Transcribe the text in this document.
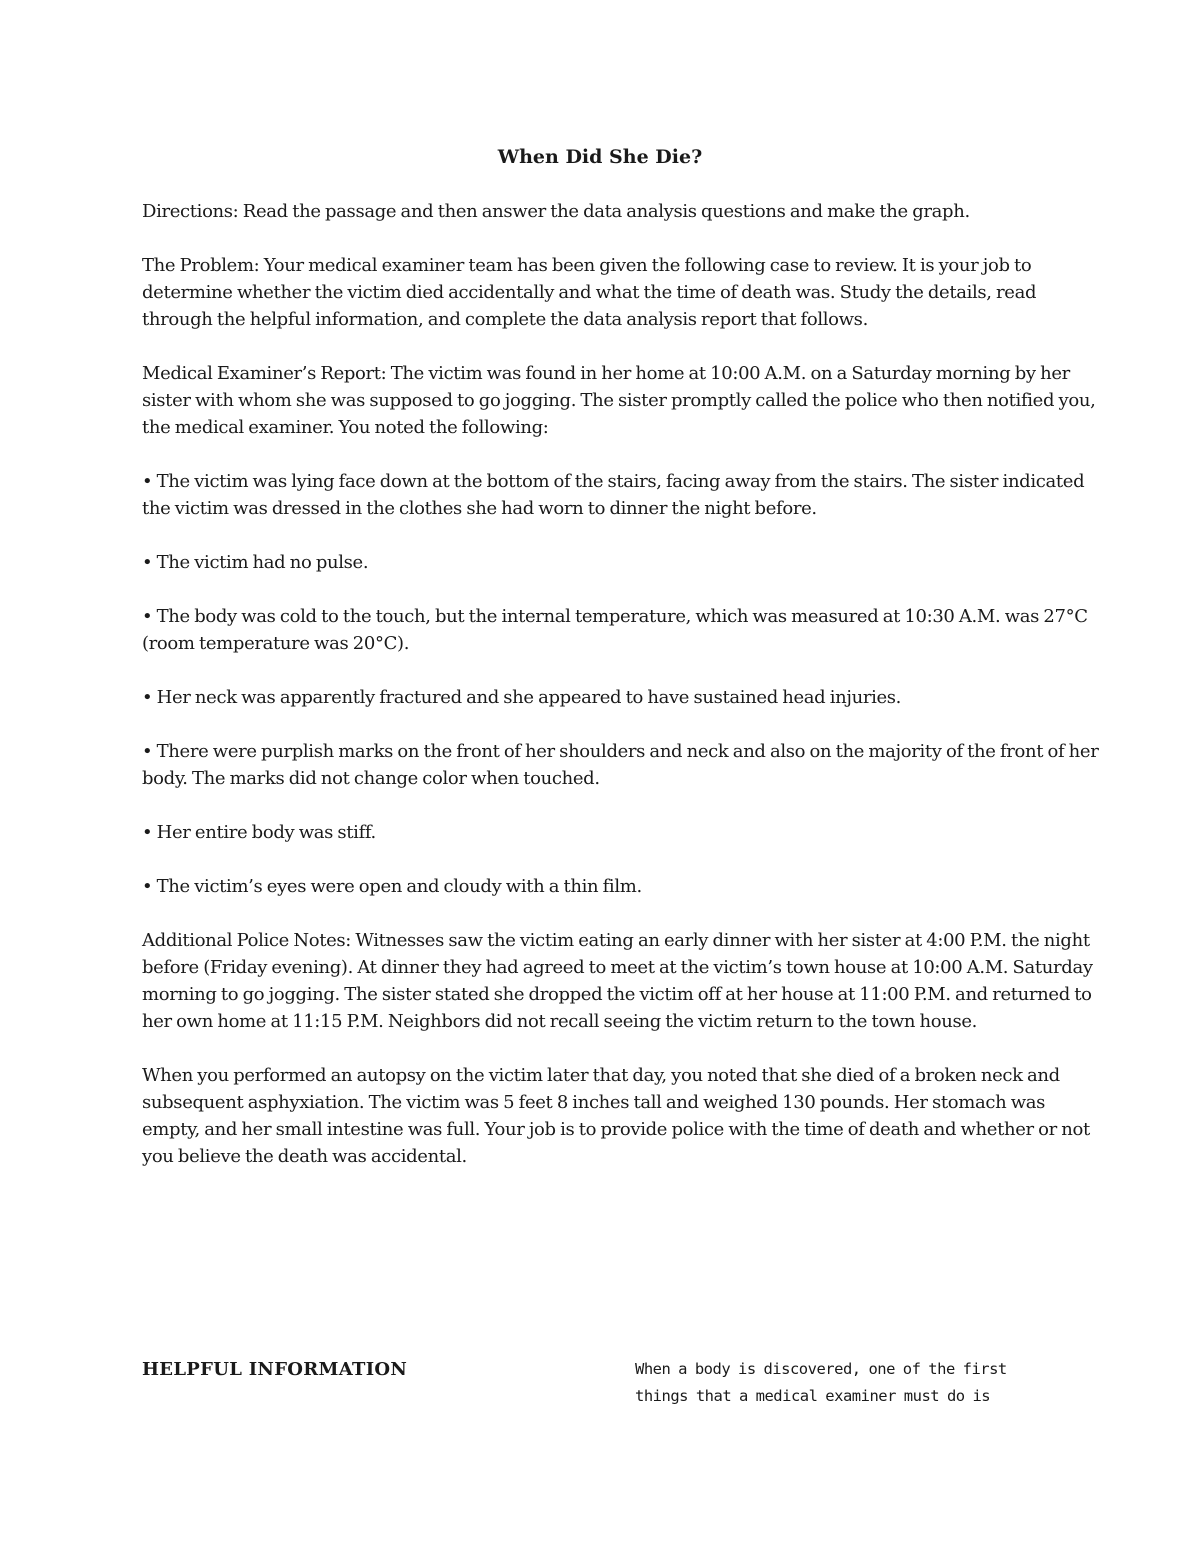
When Did She Die?

Directions: Read the passage and then answer the data analysis questions and make the graph.

The Problem: Your medical examiner team has been given the following case to review. It is your job to determine whether the victim died accidentally and what the time of death was. Study the details, read through the helpful information, and complete the data analysis report that follows.

Medical Examiner’s Report: The victim was found in her home at 10:00 A.M. on a Saturday morning by her sister with whom she was supposed to go jogging. The sister promptly called the police who then notified you, the medical examiner. You noted the following:

• The victim was lying face down at the bottom of the stairs, facing away from the stairs. The sister indicated the victim was dressed in the clothes she had worn to dinner the night before.

• The victim had no pulse.

• The body was cold to the touch, but the internal temperature, which was measured at 10:30 A.M. was 27°C (room temperature was 20°C).

• Her neck was apparently fractured and she appeared to have sustained head injuries.

• There were purplish marks on the front of her shoulders and neck and also on the majority of the front of her body. The marks did not change color when touched.

• Her entire body was stiff.

• The victim’s eyes were open and cloudy with a thin film.

Additional Police Notes: Witnesses saw the victim eating an early dinner with her sister at 4:00 P.M. the night before (Friday evening). At dinner they had agreed to meet at the victim’s town house at 10:00 A.M. Saturday morning to go jogging. The sister stated she dropped the victim off at her house at 11:00 P.M. and returned to her own home at 11:15 P.M. Neighbors did not recall seeing the victim return to the town house.

When you performed an autopsy on the victim later that day, you noted that she died of a broken neck and subsequent asphyxiation. The victim was 5 feet 8 inches tall and weighed 130 pounds. Her stomach was empty, and her small intestine was full. Your job is to provide police with the time of death and whether or not you believe the death was accidental.

HELPFUL INFORMATION	When a body is discovered, one of the first things that a medical examiner must do is
